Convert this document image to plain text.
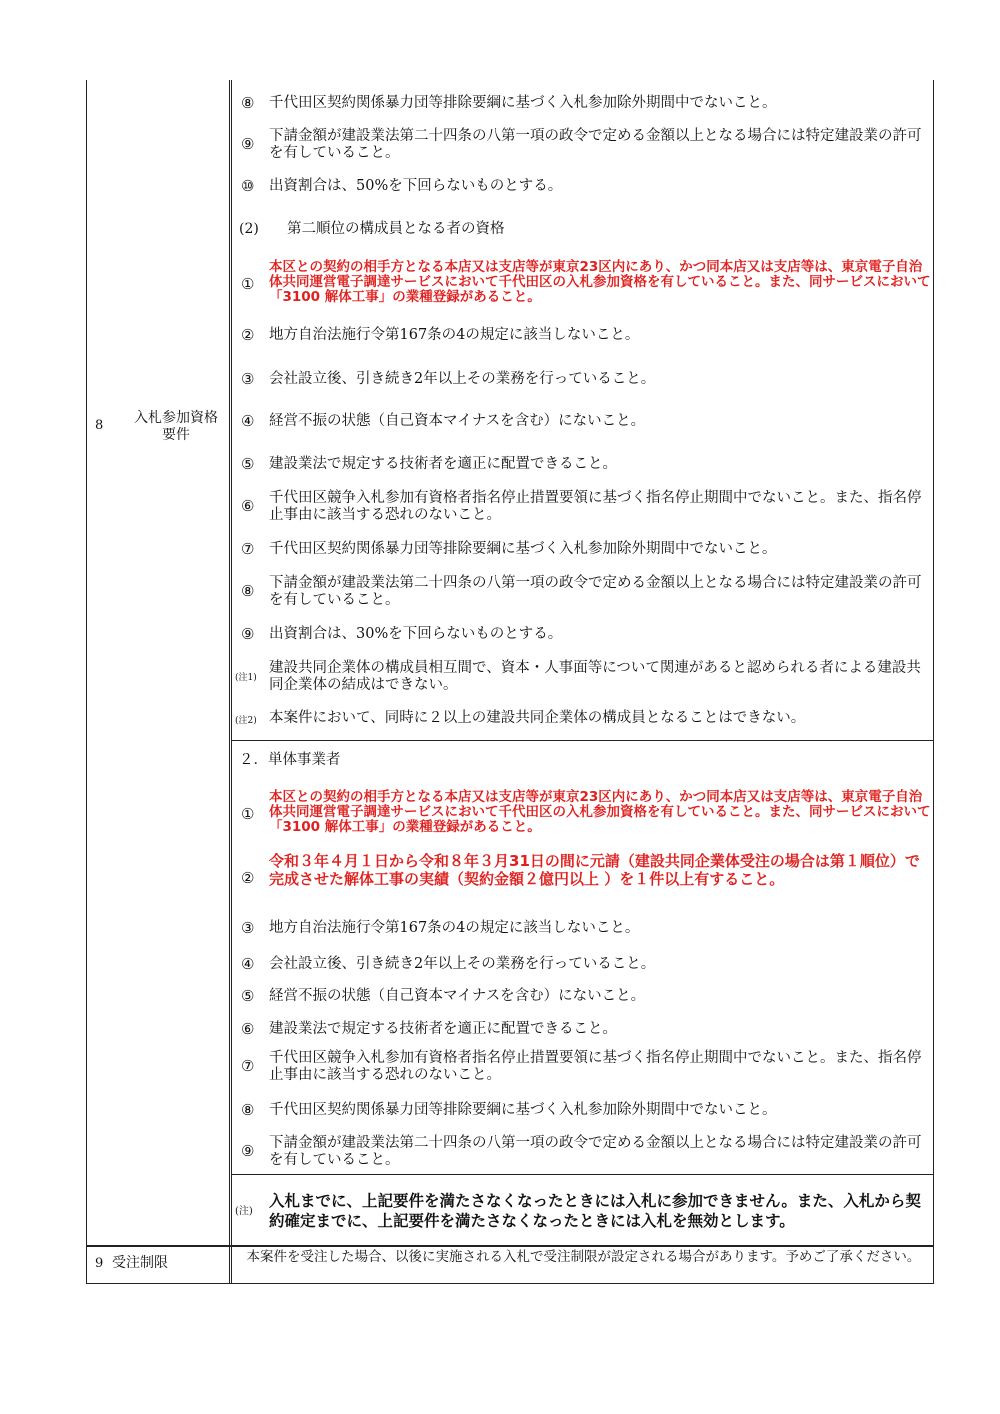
8	入札参加資格要件
⑧ 千代田区契約関係暴力団等排除要綱に基づく入札参加除外期間中でないこと。
⑨ 下請金額が建設業法第二十四条の八第一項の政令で定める金額以上となる場合には特定建設業の許可を有していること。
⑩ 出資割合は、50%を下回らないものとする。
(2) 第二順位の構成員となる者の資格
①
本区との契約の相手方となる本店又は支店等が東京23区内にあり、かつ同本店又は支店等は、東京電子自治体共同運営電子調達サービスにおいて千代田区の入札参加資格を有していること。また、同サービスにおいて「3100 解体工事」の業種登録があること。
② 地方自治法施行令第167条の4の規定に該当しないこと。
③ 会社設立後、引き続き2年以上その業務を行っていること。
④ 経営不振の状態（自己資本マイナスを含む）にないこと。
⑤ 建設業法で規定する技術者を適正に配置できること。
⑥ 千代田区競争入札参加有資格者指名停止措置要領に基づく指名停止期間中でないこと。また、指名停止事由に該当する恐れのないこと。
⑦ 千代田区契約関係暴力団等排除要綱に基づく入札参加除外期間中でないこと。
⑧ 下請金額が建設業法第二十四条の八第一項の政令で定める金額以上となる場合には特定建設業の許可を有していること。
⑨ 出資割合は、30%を下回らないものとする。
(注1)
建設共同企業体の構成員相互間で、資本・人事面等について関連があると認められる者による建設共同企業体の結成はできない。
(注2) 本案件において、同時に２以上の建設共同企業体の構成員となることはできない。
２．単体事業者
①
本区との契約の相手方となる本店又は支店等が東京23区内にあり、かつ同本店又は支店等は、東京電子自治体共同運営電子調達サービスにおいて千代田区の入札参加資格を有していること。また、同サービスにおいて「3100 解体工事」の業種登録があること。
②
令和３年４月１日から令和８年３月31日の間に元請（建設共同企業体受注の場合は第１順位）で完成させた解体工事の実績（契約金額２億円以上 ）を１件以上有すること。
③ 地方自治法施行令第167条の4の規定に該当しないこと。
④ 会社設立後、引き続き2年以上その業務を行っていること。
⑤ 経営不振の状態（自己資本マイナスを含む）にないこと。
⑥ 建設業法で規定する技術者を適正に配置できること。
⑦ 千代田区競争入札参加有資格者指名停止措置要領に基づく指名停止期間中でないこと。また、指名停止事由に該当する恐れのないこと。
⑧ 千代田区契約関係暴力団等排除要綱に基づく入札参加除外期間中でないこと。
⑨ 下請金額が建設業法第二十四条の八第一項の政令で定める金額以上となる場合には特定建設業の許可を有していること。
(注)
入札までに、上記要件を満たさなくなったときには入札に参加できません。また、入札から契約確定までに、上記要件を満たさなくなったときには入札を無効とします。
9 受注制限	本案件を受注した場合、以後に実施される入札で受注制限が設定される場合があります。予めご了承ください。
